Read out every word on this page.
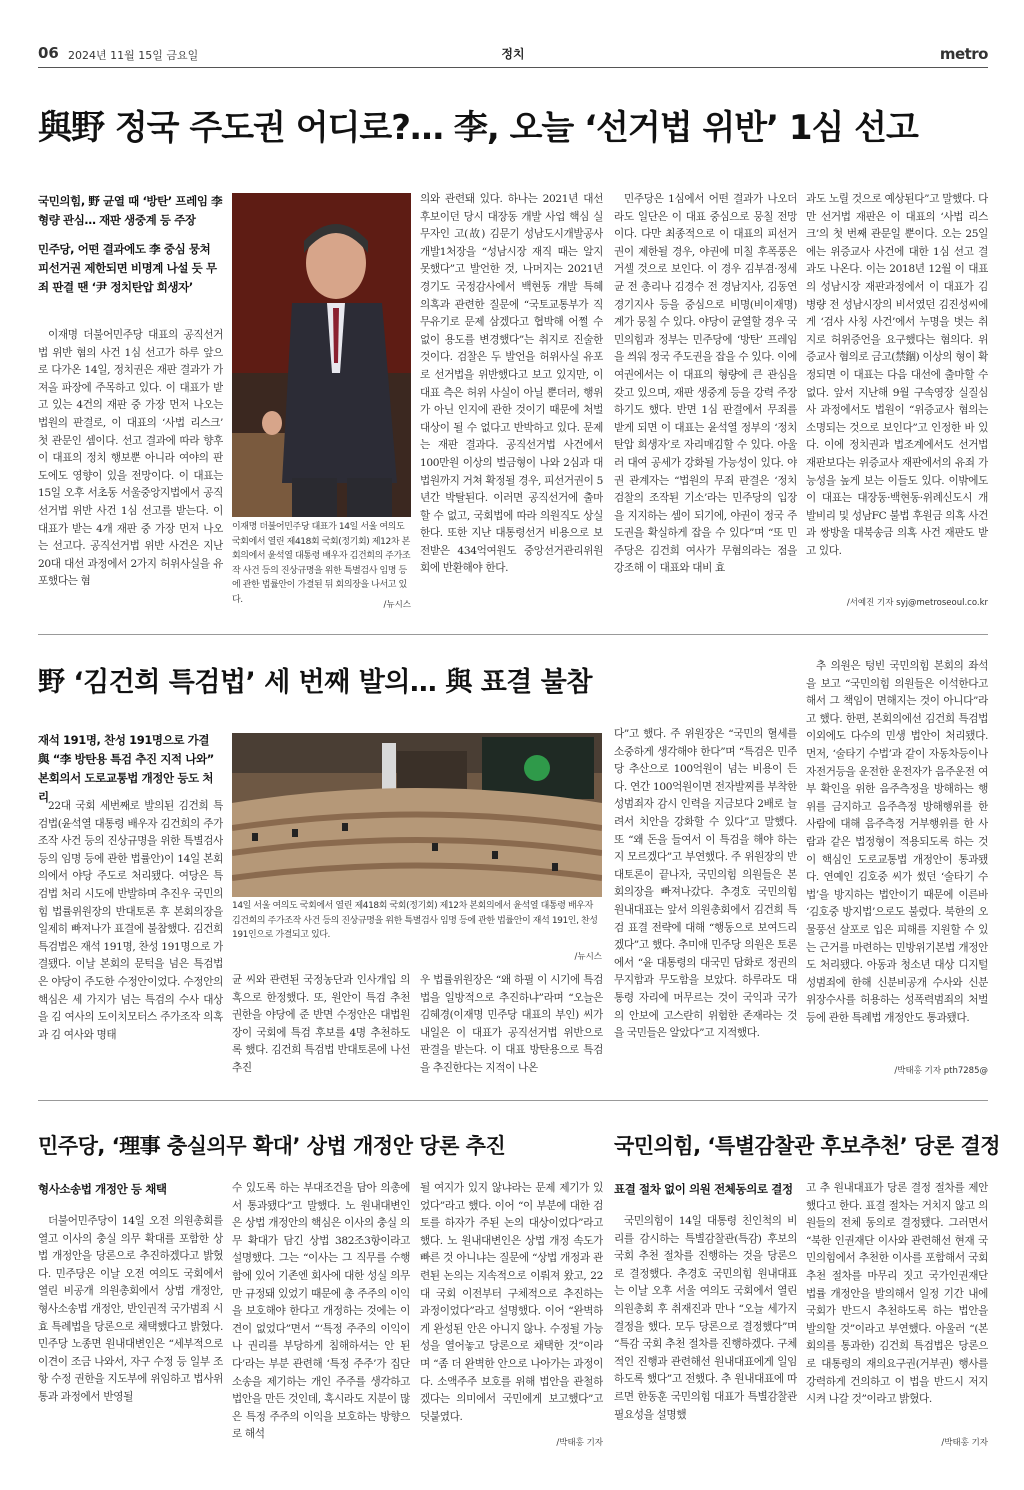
06 2024년 11월 15일 금요일	정치	metro
與野 정국 주도권 어디로?… 李, 오늘 ‘선거법 위반’ 1심 선고
국민의힘, 野 균열 때 ‘방탄’ 프레임 李 형량 관심… 재판 생중계 등 주장
민주당, 어떤 결과에도 李 중심 뭉쳐 피선거권 제한되면 비명계 나설 듯 무죄 판결 땐 ‘尹 정치탄압 희생자’

이재명 더불어민주당 대표의 공직선거법 위반 혐의 사건 1심 선고가 하루 앞으로 다가온 14일, 정치권은 재판 결과가 가져올 파장에 주목하고 있다. 이 대표가 받고 있는 4건의 재판 중 가장 먼저 나오는 법원의 판결로, 이 대표의 ‘사법 리스크’ 첫 관문인 셈이다. 선고 결과에 따라 향후 이 대표의 정치 행보뿐 아니라 여야의 판도에도 영향이 있을 전망이다. 이 대표는 15일 오후 서초동 서울중앙지법에서 공직선거법 위반 사건 1심 선고를 받는다. 이 대표가 받는 4개 재판 중 가장 먼저 나오는 선고다. 공직선거법 위반 사건은 지난 20대 대선 과정에서 2가지 허위사실을 유포했다는 혐

이재명 더불어민주당 대표가 14일 서울 여의도 국회에서 열린 제418회 국회(정기회) 제12차 본회의에서 윤석열 대통령 배우자 김건희의 주가조작 사건 등의 진상규명을 위한 특별검사 임명 등에 관한 법률안이 가결된 뒤 회의장을 나서고 있다.
/뉴시스

의와 관련돼 있다. 하나는 2021년 대선 후보이던 당시 대장동 개발 사업 핵심 실무자인 고(故) 김문기 성남도시개발공사 개발1처장을 “성남시장 재직 때는 알지 못했다”고 발언한 것, 나머지는 2021년 경기도 국정감사에서 백현동 개발 특혜 의혹과 관련한 질문에 “국토교통부가 직무유기로 문제 삼겠다고 협박해 어쩔 수 없이 용도를 변경했다”는 취지로 진술한 것이다. 검찰은 두 발언을 허위사실 유포로 선거법을 위반했다고 보고 있지만, 이 대표 측은 허위 사실이 아닐 뿐더러, 행위가 아닌 인지에 관한 것이기 때문에 처벌 대상이 될 수 없다고 반박하고 있다. 문제는 재판 결과다. 공직선거법 사건에서 100만원 이상의 벌금형이 나와 2심과 대법원까지 거쳐 확정될 경우, 피선거권이 5년간 박탈된다. 이러면 공직선거에 출마할 수 없고, 국회법에 따라 의원직도 상실한다. 또한 지난 대통령선거 비용으로 보전받은 434억여원도 중앙선거관리위원회에 반환해야 한다.

민주당은 1심에서 어떤 결과가 나오더라도 일단은 이 대표 중심으로 뭉칠 전망이다. 다만 최종적으로 이 대표의 피선거권이 제한될 경우, 야권에 미칠 후폭풍은 거셀 것으로 보인다. 이 경우 김부겸·정세균 전 총리나 김경수 전 경남지사, 김동연 경기지사 등을 중심으로 비명(비이재명)계가 뭉칠 수 있다. 야당이 균열할 경우 국민의힘과 정부는 민주당에 ‘방탄’ 프레임을 씌워 정국 주도권을 잡을 수 있다. 이에 여권에서는 이 대표의 형량에 큰 관심을 갖고 있으며, 재판 생중계 등을 강력 주장하기도 했다. 반면 1심 판결에서 무죄를 받게 되면 이 대표는 윤석열 정부의 ‘정치 탄압 희생자’로 자리매김할 수 있다. 아울러 대여 공세가 강화될 가능성이 있다. 야권 관계자는 “법원의 무죄 판결은 ‘정치 검찰의 조작된 기소’라는 민주당의 입장을 지지하는 셈이 되기에, 야권이 정국 주도권을 확실하게 잡을 수 있다”며 “또 민주당은 김건희 여사가 무혐의라는 점을 강조해 이 대표와 대비 효

과도 노릴 것으로 예상된다”고 말했다. 다만 선거법 재판은 이 대표의 ‘사법 리스크’의 첫 번째 관문일 뿐이다. 오는 25일에는 위증교사 사건에 대한 1심 선고 결과도 나온다. 이는 2018년 12월 이 대표의 성남시장 재판과정에서 이 대표가 김병량 전 성남시장의 비서였던 김진성씨에게 ‘검사 사칭 사건’에서 누명을 벗는 취지로 허위증언을 요구했다는 혐의다. 위증교사 혐의로 금고(禁錮) 이상의 형이 확정되면 이 대표는 다음 대선에 출마할 수 없다. 앞서 지난해 9월 구속영장 실질심사 과정에서도 법원이 “위증교사 혐의는 소명되는 것으로 보인다”고 인정한 바 있다. 이에 정치권과 법조계에서도 선거법 재판보다는 위증교사 재판에서의 유죄 가능성을 높게 보는 이들도 있다. 이밖에도 이 대표는 대장동·백현동·위례신도시 개발비리 및 성남FC 불법 후원금 의혹 사건과 쌍방울 대북송금 의혹 사건 재판도 받고 있다.

/서예진 기자 syj@metroseoul.co.kr
野 ‘김건희 특검법’ 세 번째 발의… 與 표결 불참
재석 191명, 찬성 191명으로 가결
與 “李 방탄용 특검 추진 지적 나와”
본회의서 도로교통법 개정안 등도 처리

22대 국회 세번째로 발의된 김건희 특검법(윤석열 대통령 배우자 김건희의 주가조작 사건 등의 진상규명을 위한 특별검사 등의 임명 등에 관한 법률안)이 14일 본회의에서 야당 주도로 처리됐다. 여당은 특검법 처리 시도에 반발하며 추진우 국민의힘 법률위원장의 반대토론 후 본회의장을 일제히 빠져나가 표결에 불참했다. 김건희 특검법은 재석 191명, 찬성 191명으로 가결됐다. 이날 본회의 문턱을 넘은 특검법은 야당이 주도한 수정안이었다. 수정안의 핵심은 세 가지가 넘는 특검의 수사 대상을 김 여사의 도이치모터스 주가조작 의혹과 김 여사와 명태

14일 서울 여의도 국회에서 열린 제418회 국회(정기회) 제12차 본회의에서 윤석열 대통령 배우자 김건희의 주가조작 사건 등의 진상규명을 위한 특별검사 임명 등에 관한 법률안이 재석 191인, 찬성 191인으로 가결되고 있다.
/뉴시스

균 씨와 관련된 국정농단과 인사개입 의혹으로 한정했다. 또, 원안이 특검 추천 권한을 야당에 준 반면 수정안은 대법원장이 국회에 특검 후보를 4명 추천하도록 했다. 김건희 특검법 반대토론에 나선 추진

우 법률위원장은 “왜 하필 이 시기에 특검법을 일방적으로 추진하냐”라며 “오늘은 김혜경(이재명 민주당 대표의 부인) 씨가 내일은 이 대표가 공직선거법 위반으로 판결을 받는다. 이 대표 방탄용으로 특검을 추진한다는 지적이 나온

다”고 했다. 주 위원장은 “국민의 혈세를 소중하게 생각해야 한다”며 “특검은 민주당 추산으로 100억원이 넘는 비용이 든다. 연간 100억원이면 전자발찌를 부착한 성범죄자 감시 인력을 지금보다 2배로 늘려서 치안을 강화할 수 있다”고 말했다. 또 “왜 돈을 들여서 이 특검을 해야 하는지 모르겠다”고 부연했다. 주 위원장의 반대토론이 끝나자, 국민의힘 의원들은 본회의장을 빠져나갔다. 추경호 국민의힘 원내대표는 앞서 의원총회에서 김건희 특검 표결 전략에 대해 “행동으로 보여드리겠다”고 했다. 추미애 민주당 의원은 토론에서 “윤 대통령의 대국민 담화로 정권의 무지함과 무도함을 보았다. 하루라도 대통령 자리에 머무르는 것이 국익과 국가의 안보에 고스란히 위험한 존재라는 것을 국민들은 알았다”고 지적했다.

추 의원은 텅빈 국민의힘 본회의 좌석을 보고 “국민의힘 의원들은 이석한다고 해서 그 책임이 면해지는 것이 아니다”라고 했다. 한편, 본회의에선 김건희 특검법 이외에도 다수의 민생 법안이 처리됐다. 먼저, ‘술타기 수법’과 같이 자동차등이나 자전거등을 운전한 운전자가 음주운전 여부 확인을 위한 음주측정을 방해하는 행위를 금지하고 음주측정 방해행위를 한 사람에 대해 음주측정 거부행위를 한 사람과 같은 법정형이 적용되도록 하는 것이 핵심인 도로교통법 개정안이 통과됐다. 연예인 김호중 씨가 썼던 ‘술타기 수법’을 방지하는 법안이기 때문에 이른바 ‘김호중 방지법’으로도 불렸다. 북한의 오물풍선 살포로 입은 피해를 지원할 수 있는 근거를 마련하는 민방위기본법 개정안도 처리됐다. 아동과 청소년 대상 디지털 성범죄에 한해 신분비공개 수사와 신분 위장수사를 허용하는 성폭력범죄의 처벌 등에 관한 특례법 개정안도 통과됐다.

/박태홍 기자 pth7285@
민주당, ‘理事 충실의무 확대’ 상법 개정안 당론 추진
형사소송법 개정안 등 채택

더불어민주당이 14일 오전 의원총회를 열고 이사의 충실 의무 확대를 포함한 상법 개정안을 당론으로 추진하겠다고 밝혔다. 민주당은 이날 오전 여의도 국회에서 열린 비공개 의원총회에서 상법 개정안, 형사소송법 개정안, 반인권적 국가범죄 시효 특례법을 당론으로 채택했다고 밝혔다. 민주당 노종면 원내대변인은 “세부적으로 이견이 조금 나와서, 자구 수정 등 일부 조항 수정 권한을 지도부에 위임하고 법사위 통과 과정에서 반영될

수 있도록 하는 부대조건을 담아 의총에서 통과됐다”고 말했다. 노 원내대변인은 상법 개정안의 핵심은 이사의 충실 의무 확대가 담긴 상법 382조3항이라고 설명했다. 그는 “이사는 그 직무를 수행함에 있어 기존엔 회사에 대한 성실 의무만 규정돼 있었기 때문에 총 주주의 이익을 보호해야 한다고 개정하는 것에는 이견이 없었다”면서 “‘특정 주주의 이익이나 권리를 부당하게 침해하셔는 안 된다’라는 부분 관련해 ‘특정 주주’가 집단 소송을 제기하는 개인 주주를 생각하고 법안을 만든 것인데, 혹시라도 지분이 많은 특정 주주의 이익을 보호하는 방향으로 해석

될 여지가 있지 않냐라는 문제 제기가 있었다”라고 했다. 이어 “이 부분에 대한 검토를 하자가 주된 논의 대상이었다”라고 했다. 노 원내대변인은 상법 개정 속도가 빠른 것 아니냐는 질문에 “상법 개정과 관련된 논의는 지속적으로 이뤄져 왔고, 22대 국회 이전부터 구체적으로 추진하는 과정이었다”라고 설명했다. 이어 “완벽하게 완성된 안은 아니지 않나. 수정될 가능성을 열어놓고 당론으로 채택한 것”이라며 “좀 더 완벽한 안으로 나아가는 과정이다. 소액주주 보호를 위해 법안을 관철하겠다는 의미에서 국민에게 보고했다”고 덧붙였다.

/박태홍 기자
국민의힘, ‘특별감찰관 후보추천’ 당론 결정
표결 절차 없이 의원 전체동의로 결정

국민의힘이 14일 대통령 친인척의 비리를 감시하는 특별감찰관(특감) 후보의 국회 추천 절차를 진행하는 것을 당론으로 결정했다. 추경호 국민의힘 원내대표는 이날 오후 서울 여의도 국회에서 열린 의원총회 후 취재진과 만나 “오늘 세가지 결정을 했다. 모두 당론으로 결정했다”며 “특감 국회 추천 절차를 진행하겠다. 구체적인 진행과 관련해선 원내대표에게 일임하도록 했다”고 전했다. 추 원내대표에 따르면 한동훈 국민의힘 대표가 특별감찰관 필요성을 설명했

고 추 원내대표가 당론 결정 절차를 제안했다고 한다. 표결 절차는 거치지 않고 의원들의 전체 동의로 결정됐다. 그러면서 “북한 인권재단 이사와 관련해선 현재 국민의힘에서 추천한 이사를 포함해서 국회 추천 절차를 마무리 짓고 국가인권재단 법률 개정안을 발의해서 일정 기간 내에 국회가 반드시 추천하도록 하는 법안을 발의할 것”이라고 부연했다. 아울러 “(본회의를 통과한) 김건희 특검법은 당론으로 대통령의 재의요구권(거부권) 행사를 강력하게 건의하고 이 법을 반드시 저지시켜 나갈 것”이라고 밝혔다.

/박태홍 기자
